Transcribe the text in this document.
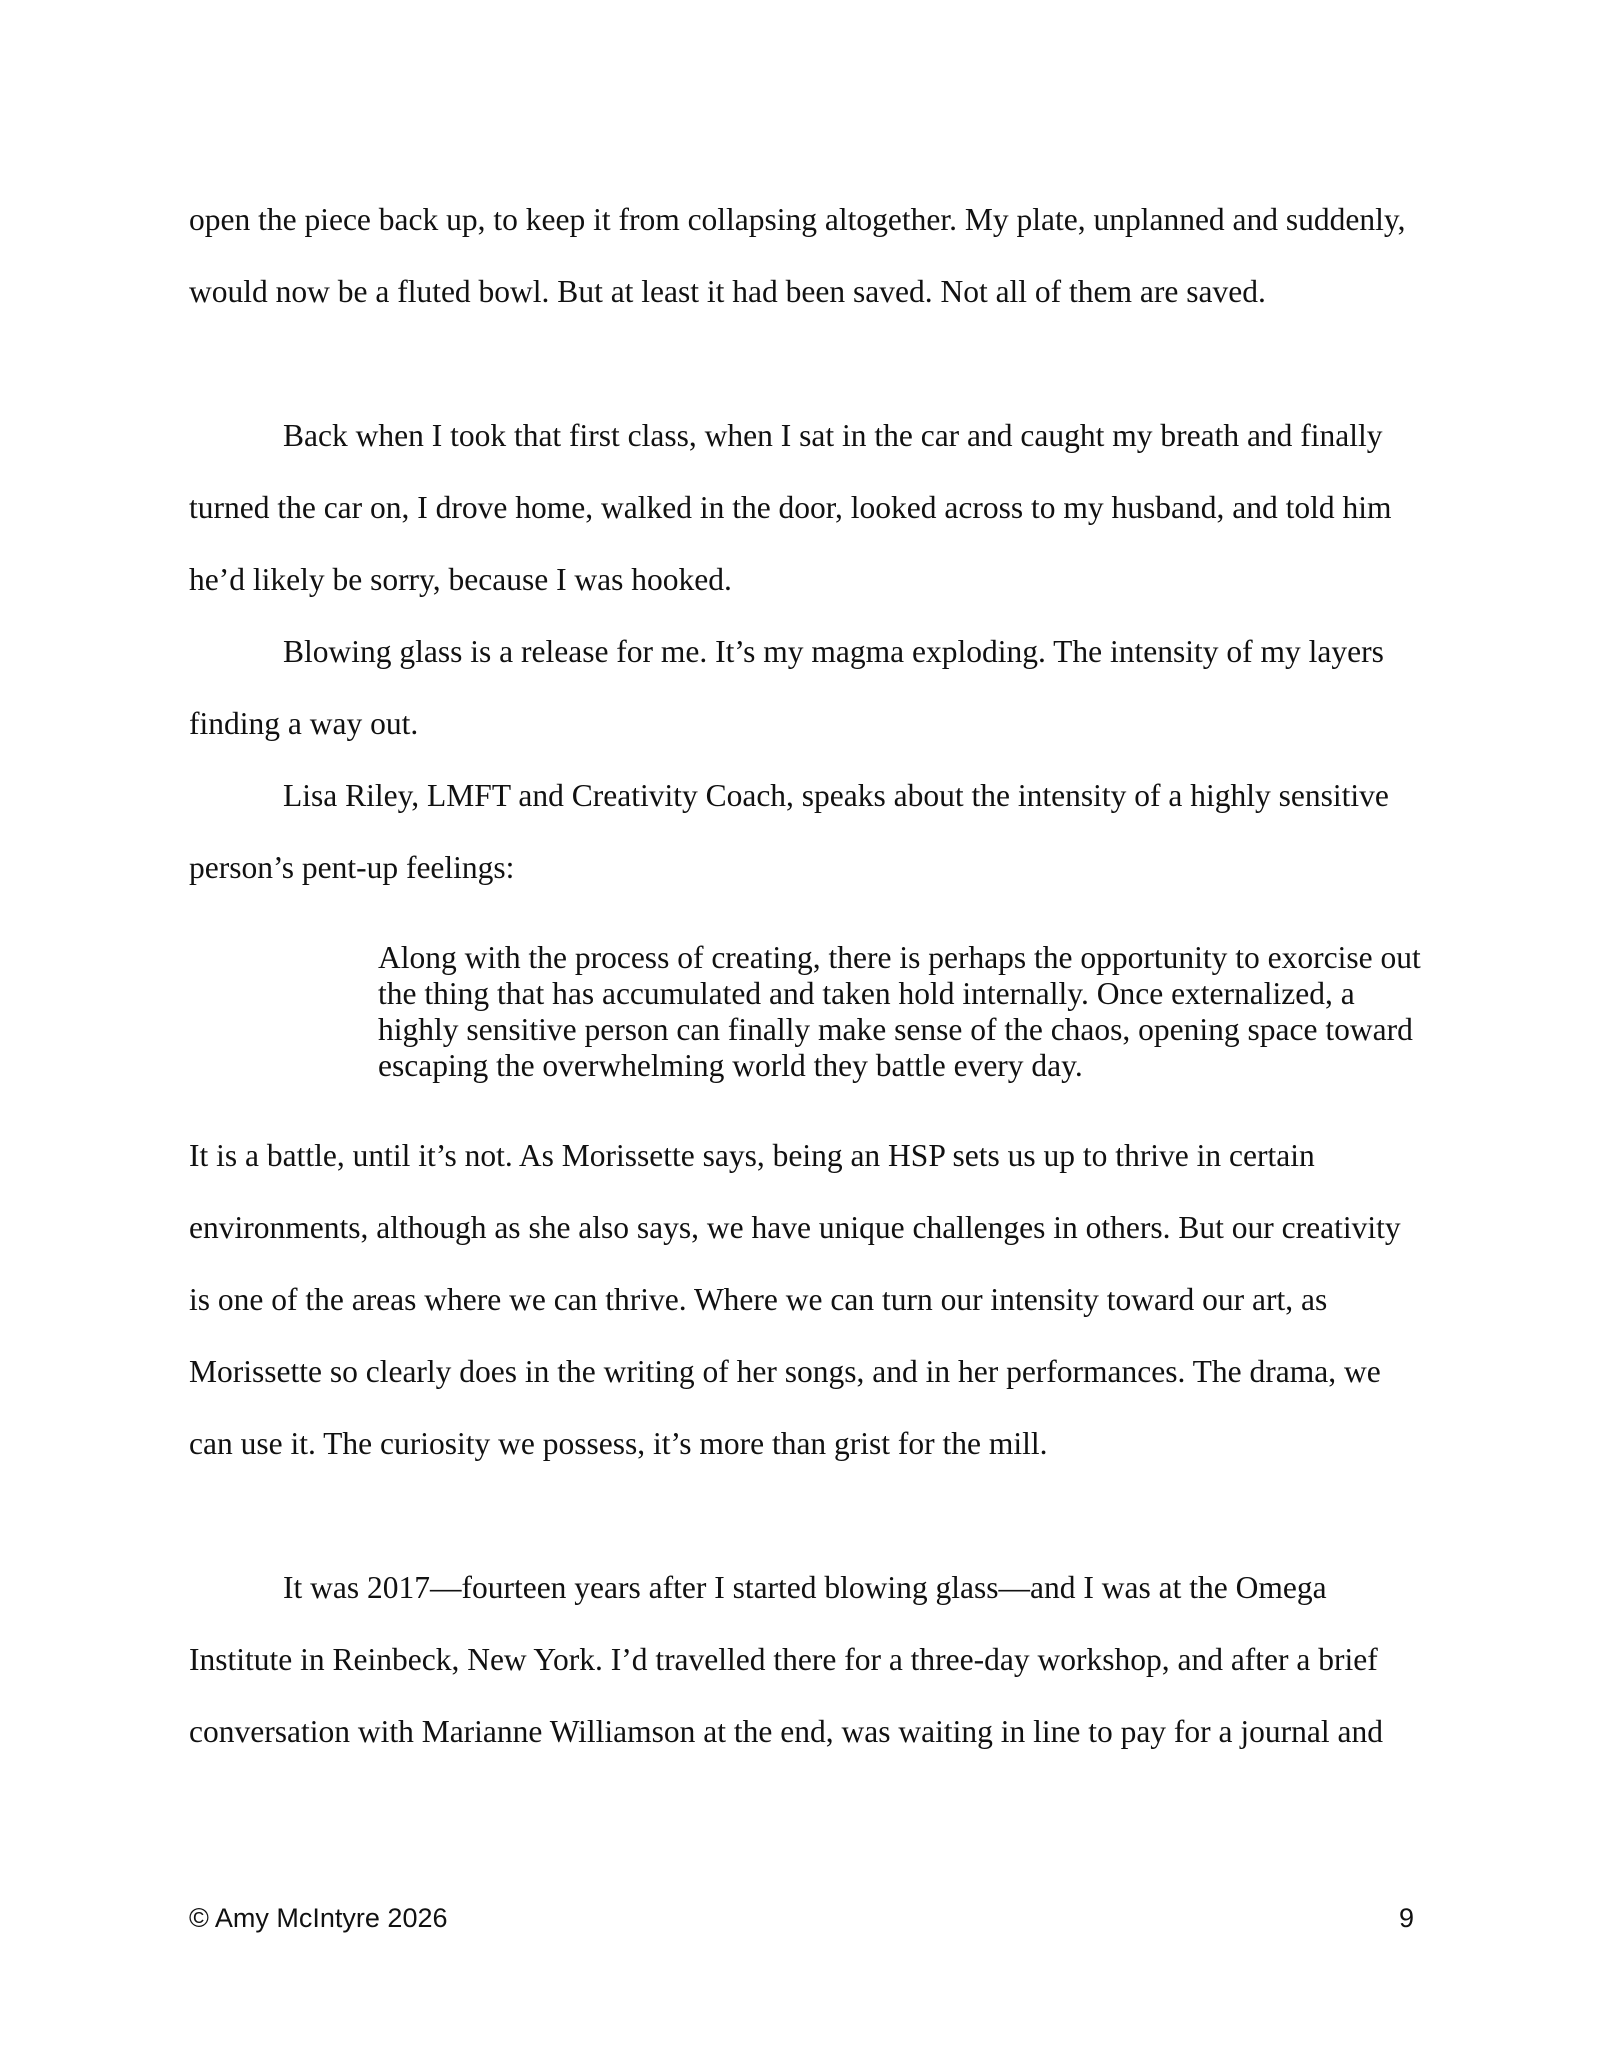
open the piece back up, to keep it from collapsing altogether. My plate, unplanned and suddenly, would now be a fluted bowl. But at least it had been saved. Not all of them are saved.

Back when I took that first class, when I sat in the car and caught my breath and finally turned the car on, I drove home, walked in the door, looked across to my husband, and told him he’d likely be sorry, because I was hooked.

Blowing glass is a release for me. It’s my magma exploding. The intensity of my layers finding a way out.

Lisa Riley, LMFT and Creativity Coach, speaks about the intensity of a highly sensitive person’s pent-up feelings:

Along with the process of creating, there is perhaps the opportunity to exorcise out the thing that has accumulated and taken hold internally. Once externalized, a highly sensitive person can finally make sense of the chaos, opening space toward escaping the overwhelming world they battle every day.

It is a battle, until it’s not. As Morissette says, being an HSP sets us up to thrive in certain environments, although as she also says, we have unique challenges in others. But our creativity is one of the areas where we can thrive. Where we can turn our intensity toward our art, as Morissette so clearly does in the writing of her songs, and in her performances. The drama, we can use it. The curiosity we possess, it’s more than grist for the mill.

It was 2017—fourteen years after I started blowing glass—and I was at the Omega Institute in Reinbeck, New York. I’d travelled there for a three-day workshop, and after a brief conversation with Marianne Williamson at the end, was waiting in line to pay for a journal and

© Amy McIntyre 2026	9
